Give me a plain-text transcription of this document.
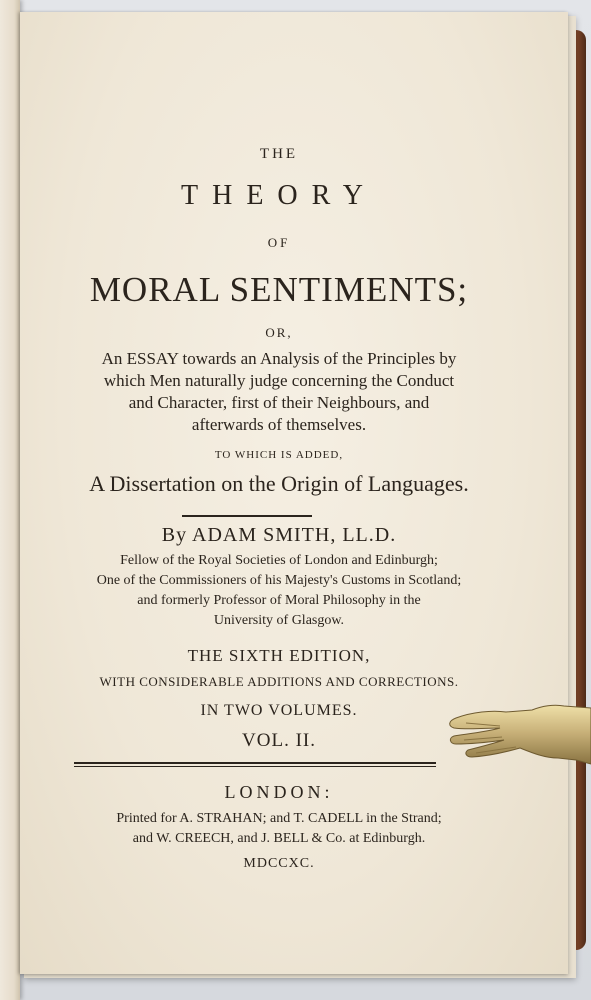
THE
THEORY
OF
MORAL SENTIMENTS;
OR,
An ESSAY towards an Analysis of the Principles by
which Men naturally judge concerning the Conduct
and Character, first of their Neighbours, and
afterwards of themselves.
TO WHICH IS ADDED,
A Dissertation on the Origin of Languages.
By ADAM SMITH, LL.D.
Fellow of the Royal Societies of London and Edinburgh;
One of the Commissioners of his Majesty's Customs in Scotland;
and formerly Professor of Moral Philosophy in the
University of Glasgow.
THE SIXTH EDITION,
WITH CONSIDERABLE ADDITIONS AND CORRECTIONS.
IN TWO VOLUMES.
VOL. II.
LONDON:
Printed for A. STRAHAN; and T. CADELL in the Strand;
and W. CREECH, and J. BELL & Co. at Edinburgh.
MDCCXC.
